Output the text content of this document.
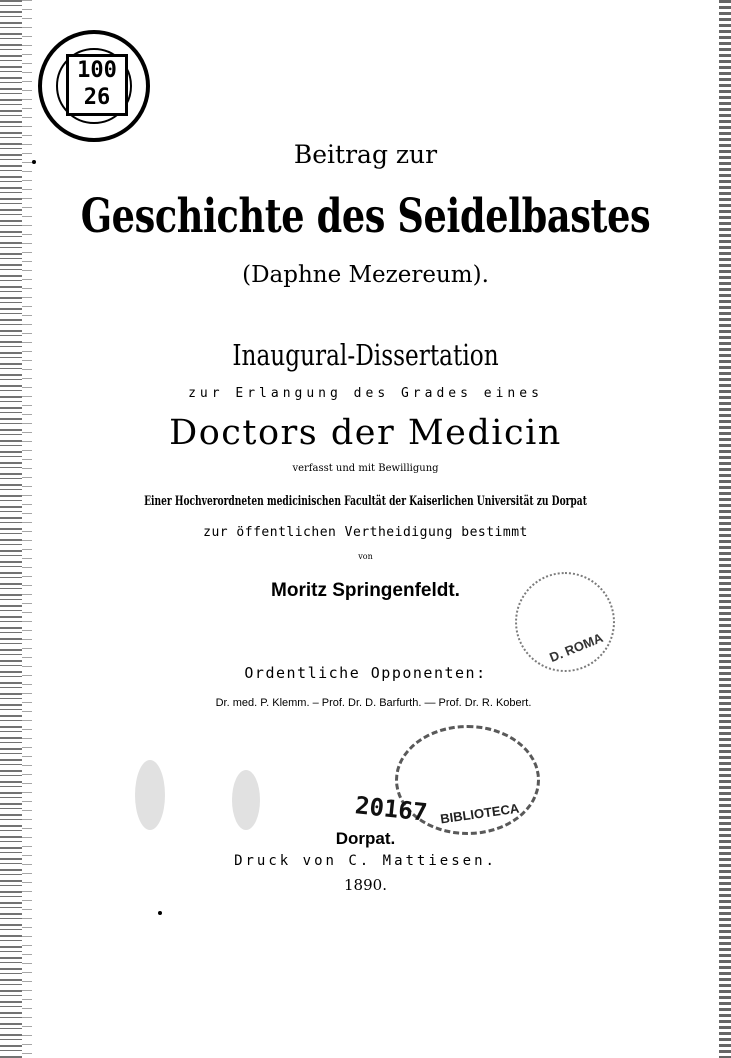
100
26
Beitrag zur
Geschichte des Seidelbastes
(Daphne Mezereum).
Inaugural-Dissertation
zur Erlangung des Grades eines
Doctors der Medicin
verfasst und mit Bewilligung
Einer Hochverordneten medicinischen Facultät der Kaiserlichen Universität zu Dorpat
zur öffentlichen Vertheidigung bestimmt
von
Moritz Springenfeldt.
D. ROMA
Ordentliche Opponenten:
Dr. med. P. Klemm. – Prof. Dr. D. Barfurth. — Prof. Dr. R. Kobert.
20167 BIBLIOTECA
Dorpat.
Druck von C. Mattiesen.
1890.
